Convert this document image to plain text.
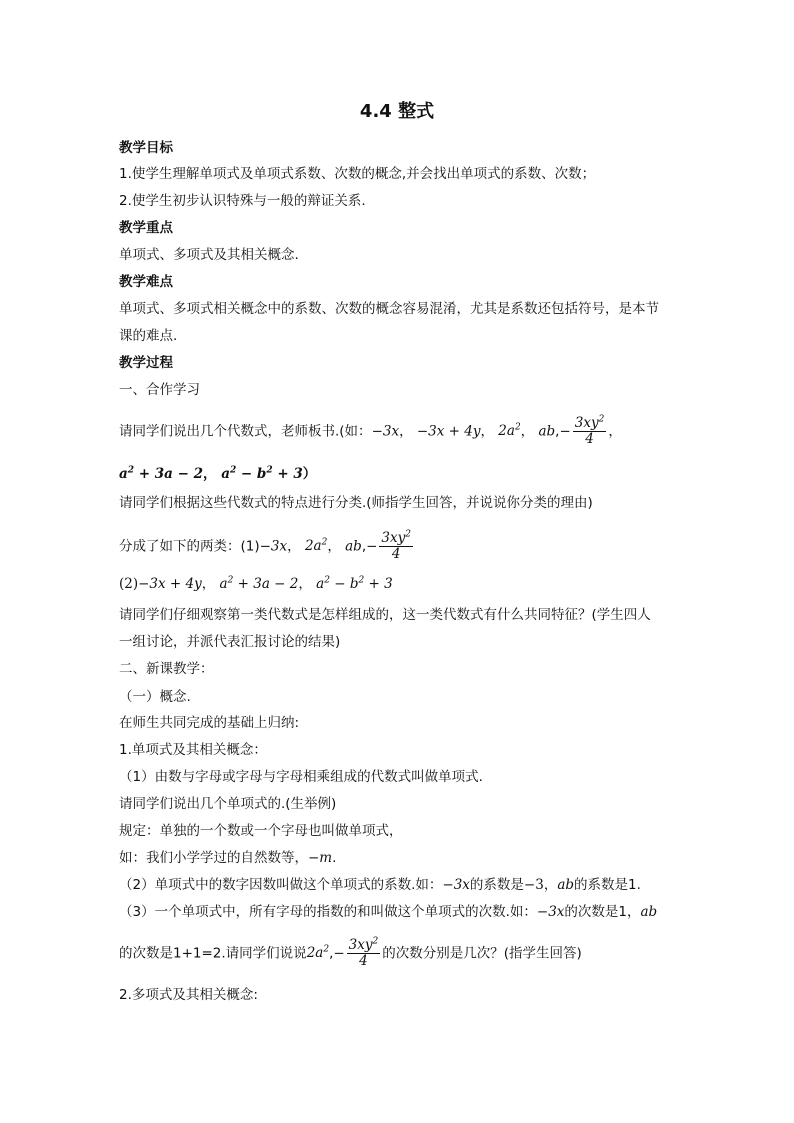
4.4 整式
教学目标
1.使学生理解单项式及单项式系数、次数的概念,并会找出单项式的系数、次数；
2.使学生初步认识特殊与一般的辩证关系.
教学重点
单项式、多项式及其相关概念.
教学难点
单项式、多项式相关概念中的系数、次数的概念容易混淆，尤其是系数还包括符号，是本节
课的难点.
教学过程
一、合作学习
请同学们说出几个代数式，老师板书.(如：−3x， −3x + 4y， $2a^2$， $ab,- \frac{3xy^2}{4}$ ，
$a^2 + 3a - 2$， $a^2 - b^2 + 3$）
请同学们根据这些代数式的特点进行分类.(师指学生回答，并说说你分类的理由)
分成了如下的两类：(1)−3x， $2a^2$， $ab,- \frac{3xy^2}{4}$
(2)−3x + 4y， $a^2 + 3a - 2$， $a^2 - b^2 + 3$
请同学们仔细观察第一类代数式是怎样组成的，这一类代数式有什么共同特征？(学生四人
一组讨论，并派代表汇报讨论的结果)
二、新课教学：
（一）概念.
在师生共同完成的基础上归纳:
1.单项式及其相关概念：
（1）由数与字母或字母与字母相乘组成的代数式叫做单项式.
请同学们说出几个单项式的.(生举例)
规定：单独的一个数或一个字母也叫做单项式，
如：我们小学学过的自然数等，−m.
（2）单项式中的数字因数叫做这个单项式的系数.如：−3x的系数是−3，ab的系数是1.
（3）一个单项式中，所有字母的指数的和叫做这个单项式的次数.如：−3x的次数是1，ab
的次数是1+1=2.请同学们说说$2a^2,- \frac{3xy^2}{4}$ 的次数分别是几次？(指学生回答)
2.多项式及其相关概念:
